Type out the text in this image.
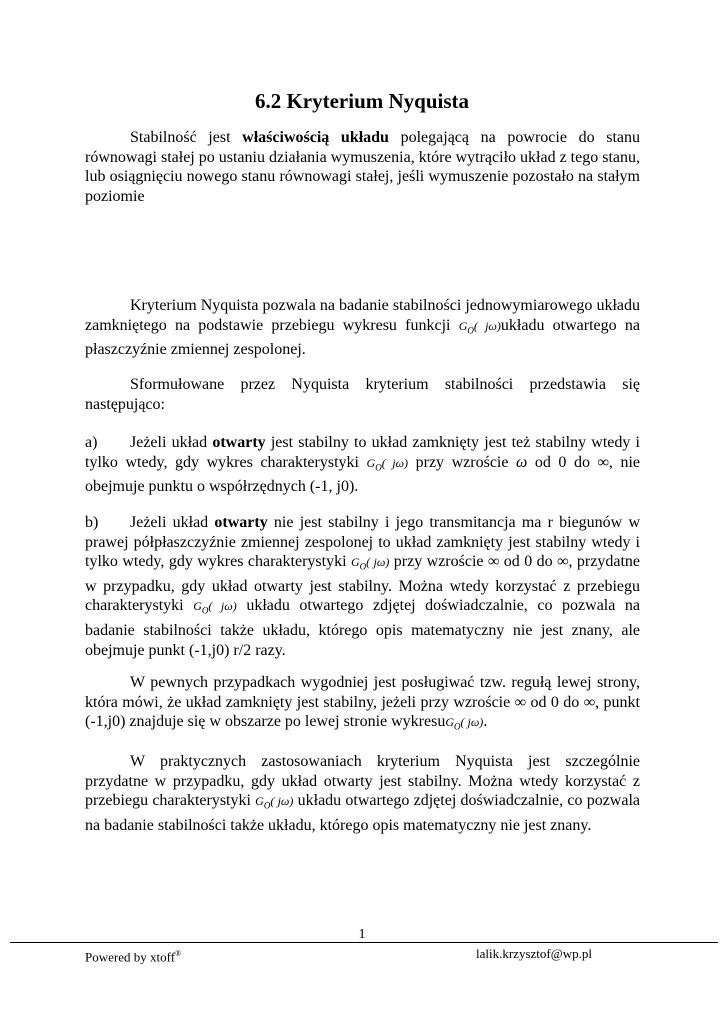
6.2 Kryterium Nyquista

Stabilność jest właściwością układu polegającą na powrocie do stanu równowagi stałej po ustaniu działania wymuszenia, które wytrąciło układ z tego stanu, lub osiągnięciu nowego stanu równowagi stałej, jeśli wymuszenie pozostało na stałym poziomie

Kryterium Nyquista pozwala na badanie stabilności jednowymiarowego układu zamkniętego na podstawie przebiegu wykresu funkcji $G_O$( jω)układu otwartego na płaszczyźnie zmiennej zespolonej.

Sformułowane przez Nyquista kryterium stabilności przedstawia się następująco:

a) Jeżeli układ otwarty jest stabilny to układ zamknięty jest też stabilny wtedy i tylko wtedy, gdy wykres charakterystyki $G_O$( jω) przy wzroście ω od 0 do ∞, nie obejmuje punktu o współrzędnych (-1, j0).

b) Jeżeli układ otwarty nie jest stabilny i jego transmitancja ma r biegunów w prawej półpłaszczyźnie zmiennej zespolonej to układ zamknięty jest stabilny wtedy i tylko wtedy, gdy wykres charakterystyki $G_O$( jω) przy wzroście ∞ od 0 do ∞, przydatne w przypadku, gdy układ otwarty jest stabilny. Można wtedy korzystać z przebiegu charakterystyki $G_O$( jω) układu otwartego zdjętej doświadczalnie, co pozwala na badanie stabilności także układu, którego opis matematyczny nie jest znany, ale obejmuje punkt (-1,j0) r/2 razy.

W pewnych przypadkach wygodniej jest posługiwać tzw. regułą lewej strony, która mówi, że układ zamknięty jest stabilny, jeżeli przy wzroście ∞ od 0 do ∞, punkt (-1,j0) znajduje się w obszarze po lewej stronie wykresuG$_O$( jω).

W praktycznych zastosowaniach kryterium Nyquista jest szczególnie przydatne w przypadku, gdy układ otwarty jest stabilny. Można wtedy korzystać z przebiegu charakterystyki $G_O$( jω) układu otwartego zdjętej doświadczalnie, co pozwala na badanie stabilności także układu, którego opis matematyczny nie jest znany.

1
Powered by xtoff®	lalik.krzysztof@wp.pl
